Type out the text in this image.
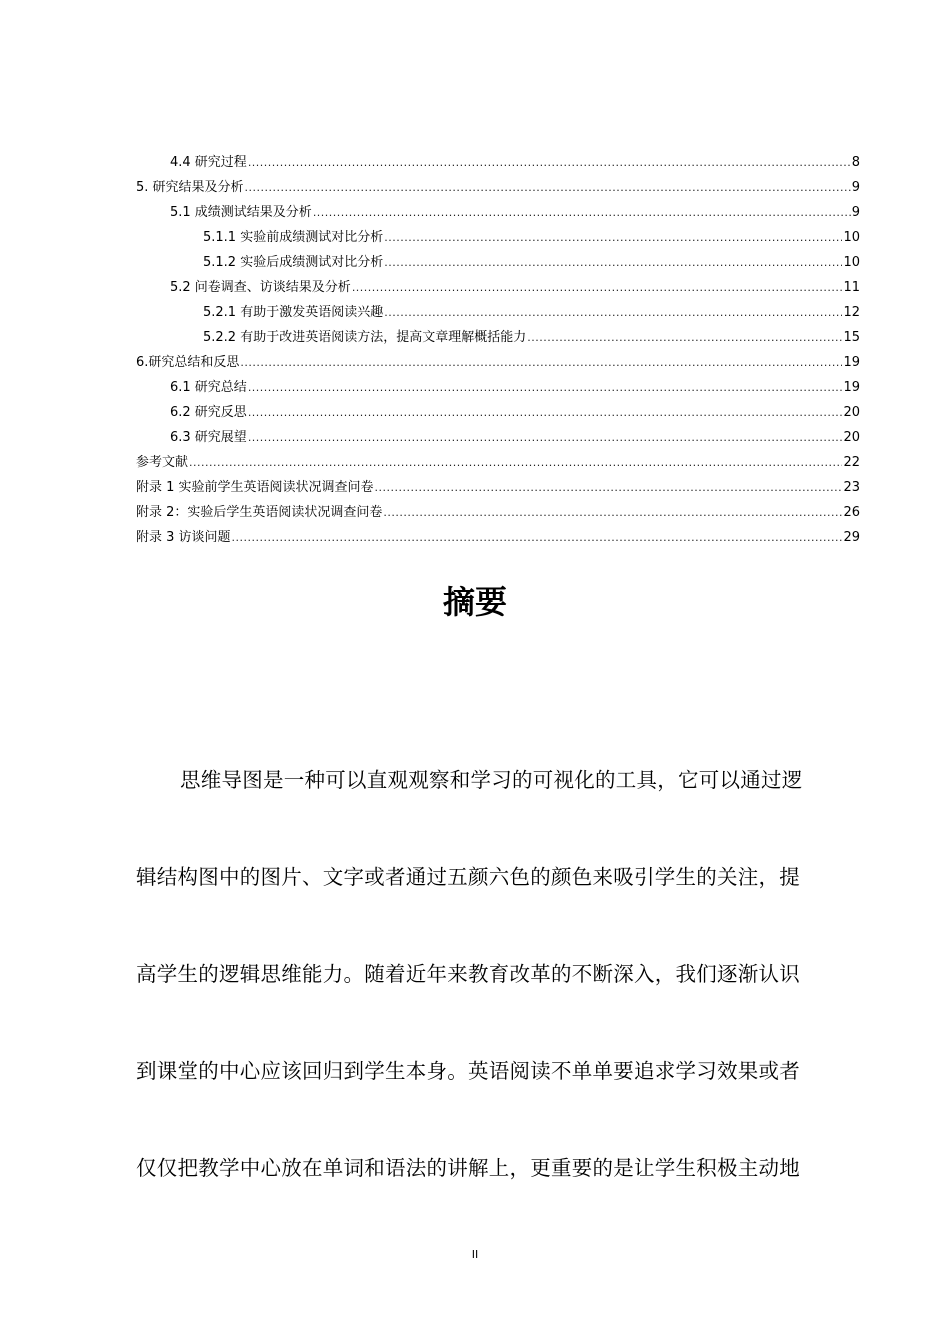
4.4 研究过程 .....	8
5. 研究结果及分析 .....	9
5.1 成绩测试结果及分析 .....	9
5.1.1 实验前成绩测试对比分析 .....	10
5.1.2 实验后成绩测试对比分析 .....	10
5.2 问卷调查、访谈结果及分析 .....	11
5.2.1 有助于激发英语阅读兴趣 .....	12
5.2.2 有助于改进英语阅读方法，提高文章理解概括能力 .....	15
6.研究总结和反思 .....	19
6.1 研究总结 .....	19
6.2 研究反思 .....	20
6.3 研究展望 .....	20
参考文献 .....	22
附录 1 实验前学生英语阅读状况调查问卷 .....	23
附录 2：实验后学生英语阅读状况调查问卷 .....	26
附录 3 访谈问题 .....	29
摘要
思维导图是一种可以直观观察和学习的可视化的工具，它可以通过逻
辑结构图中的图片、文字或者通过五颜六色的颜色来吸引学生的关注，提
高学生的逻辑思维能力。随着近年来教育改革的不断深入，我们逐渐认识
到课堂的中心应该回归到学生本身。英语阅读不单单要追求学习效果或者
仅仅把教学中心放在单词和语法的讲解上，更重要的是让学生积极主动地
II
